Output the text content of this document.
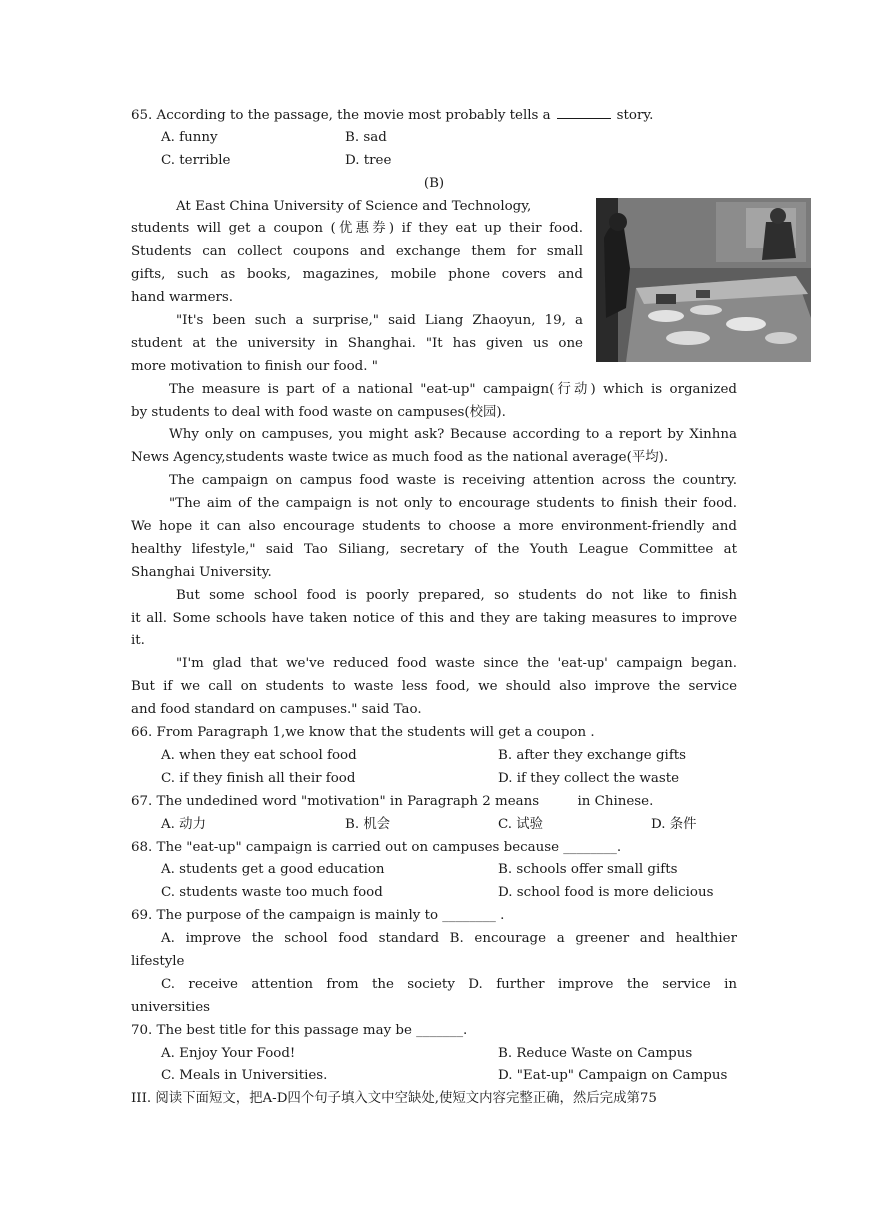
65. According to the passage, the movie most probably tells a	story.
A. funny	B. sad
C. terrible	D. tree
(B)
At East China University of Science and Technology,
students will get a coupon (优惠券) if they eat up their food.
Students can collect coupons and exchange them for small
gifts, such as books, magazines, mobile phone covers and
hand warmers.
"It's been such a surprise," said Liang Zhaoyun, 19, a
student at the university in Shanghai. "It has given us one
more motivation to finish our food. "
The measure is part of a national "eat-up" campaign(行动) which is organized
by students to deal with food waste on campuses(校园).
Why only on campuses, you might ask? Because according to a report by Xinhna
News Agency,students waste twice as much food as the national average(平均).
The campaign on campus food waste is receiving attention across the country.
"The aim of the campaign is not only to encourage students to finish their food.
We hope it can also encourage students to choose a more environment-friendly and
healthy lifestyle," said Tao Siliang, secretary of the Youth League Committee at
Shanghai University.
But some school food is poorly prepared, so students do not like to finish
it all. Some schools have taken notice of this and they are taking measures to improve
it.
"I'm glad that we've reduced food waste since the 'eat-up' campaign began.
But if we call on students to waste less food, we should also improve the service
and food standard on campuses." said Tao.
66. From Paragraph 1,we know that the students will get a coupon .
A. when they eat school food	B. after they exchange gifts
C. if they finish all their food	D. if they collect the waste
67. The undedined word "motivation" in Paragraph 2 means         in Chinese.
A. 动力	B. 机会	C. 试验	D. 条件
68. The "eat-up" campaign is carried out on campuses because ________.
A. students get a good education	B. schools offer small gifts
C. students waste too much food	D. school food is more delicious
69. The purpose of the campaign is mainly to ________ .
A. improve the school food standard B. encourage a greener and healthier
lifestyle
C. receive attention from the society D. further improve the service in
universities
70. The best title for this passage may be _______.
A. Enjoy Your Food!	B. Reduce Waste on Campus
C. Meals in Universities.	D. "Eat-up" Campaign on Campus
III. 阅读下面短文，把A-D四个句子填入文中空缺处,使短文内容完整正确，然后完成第75
